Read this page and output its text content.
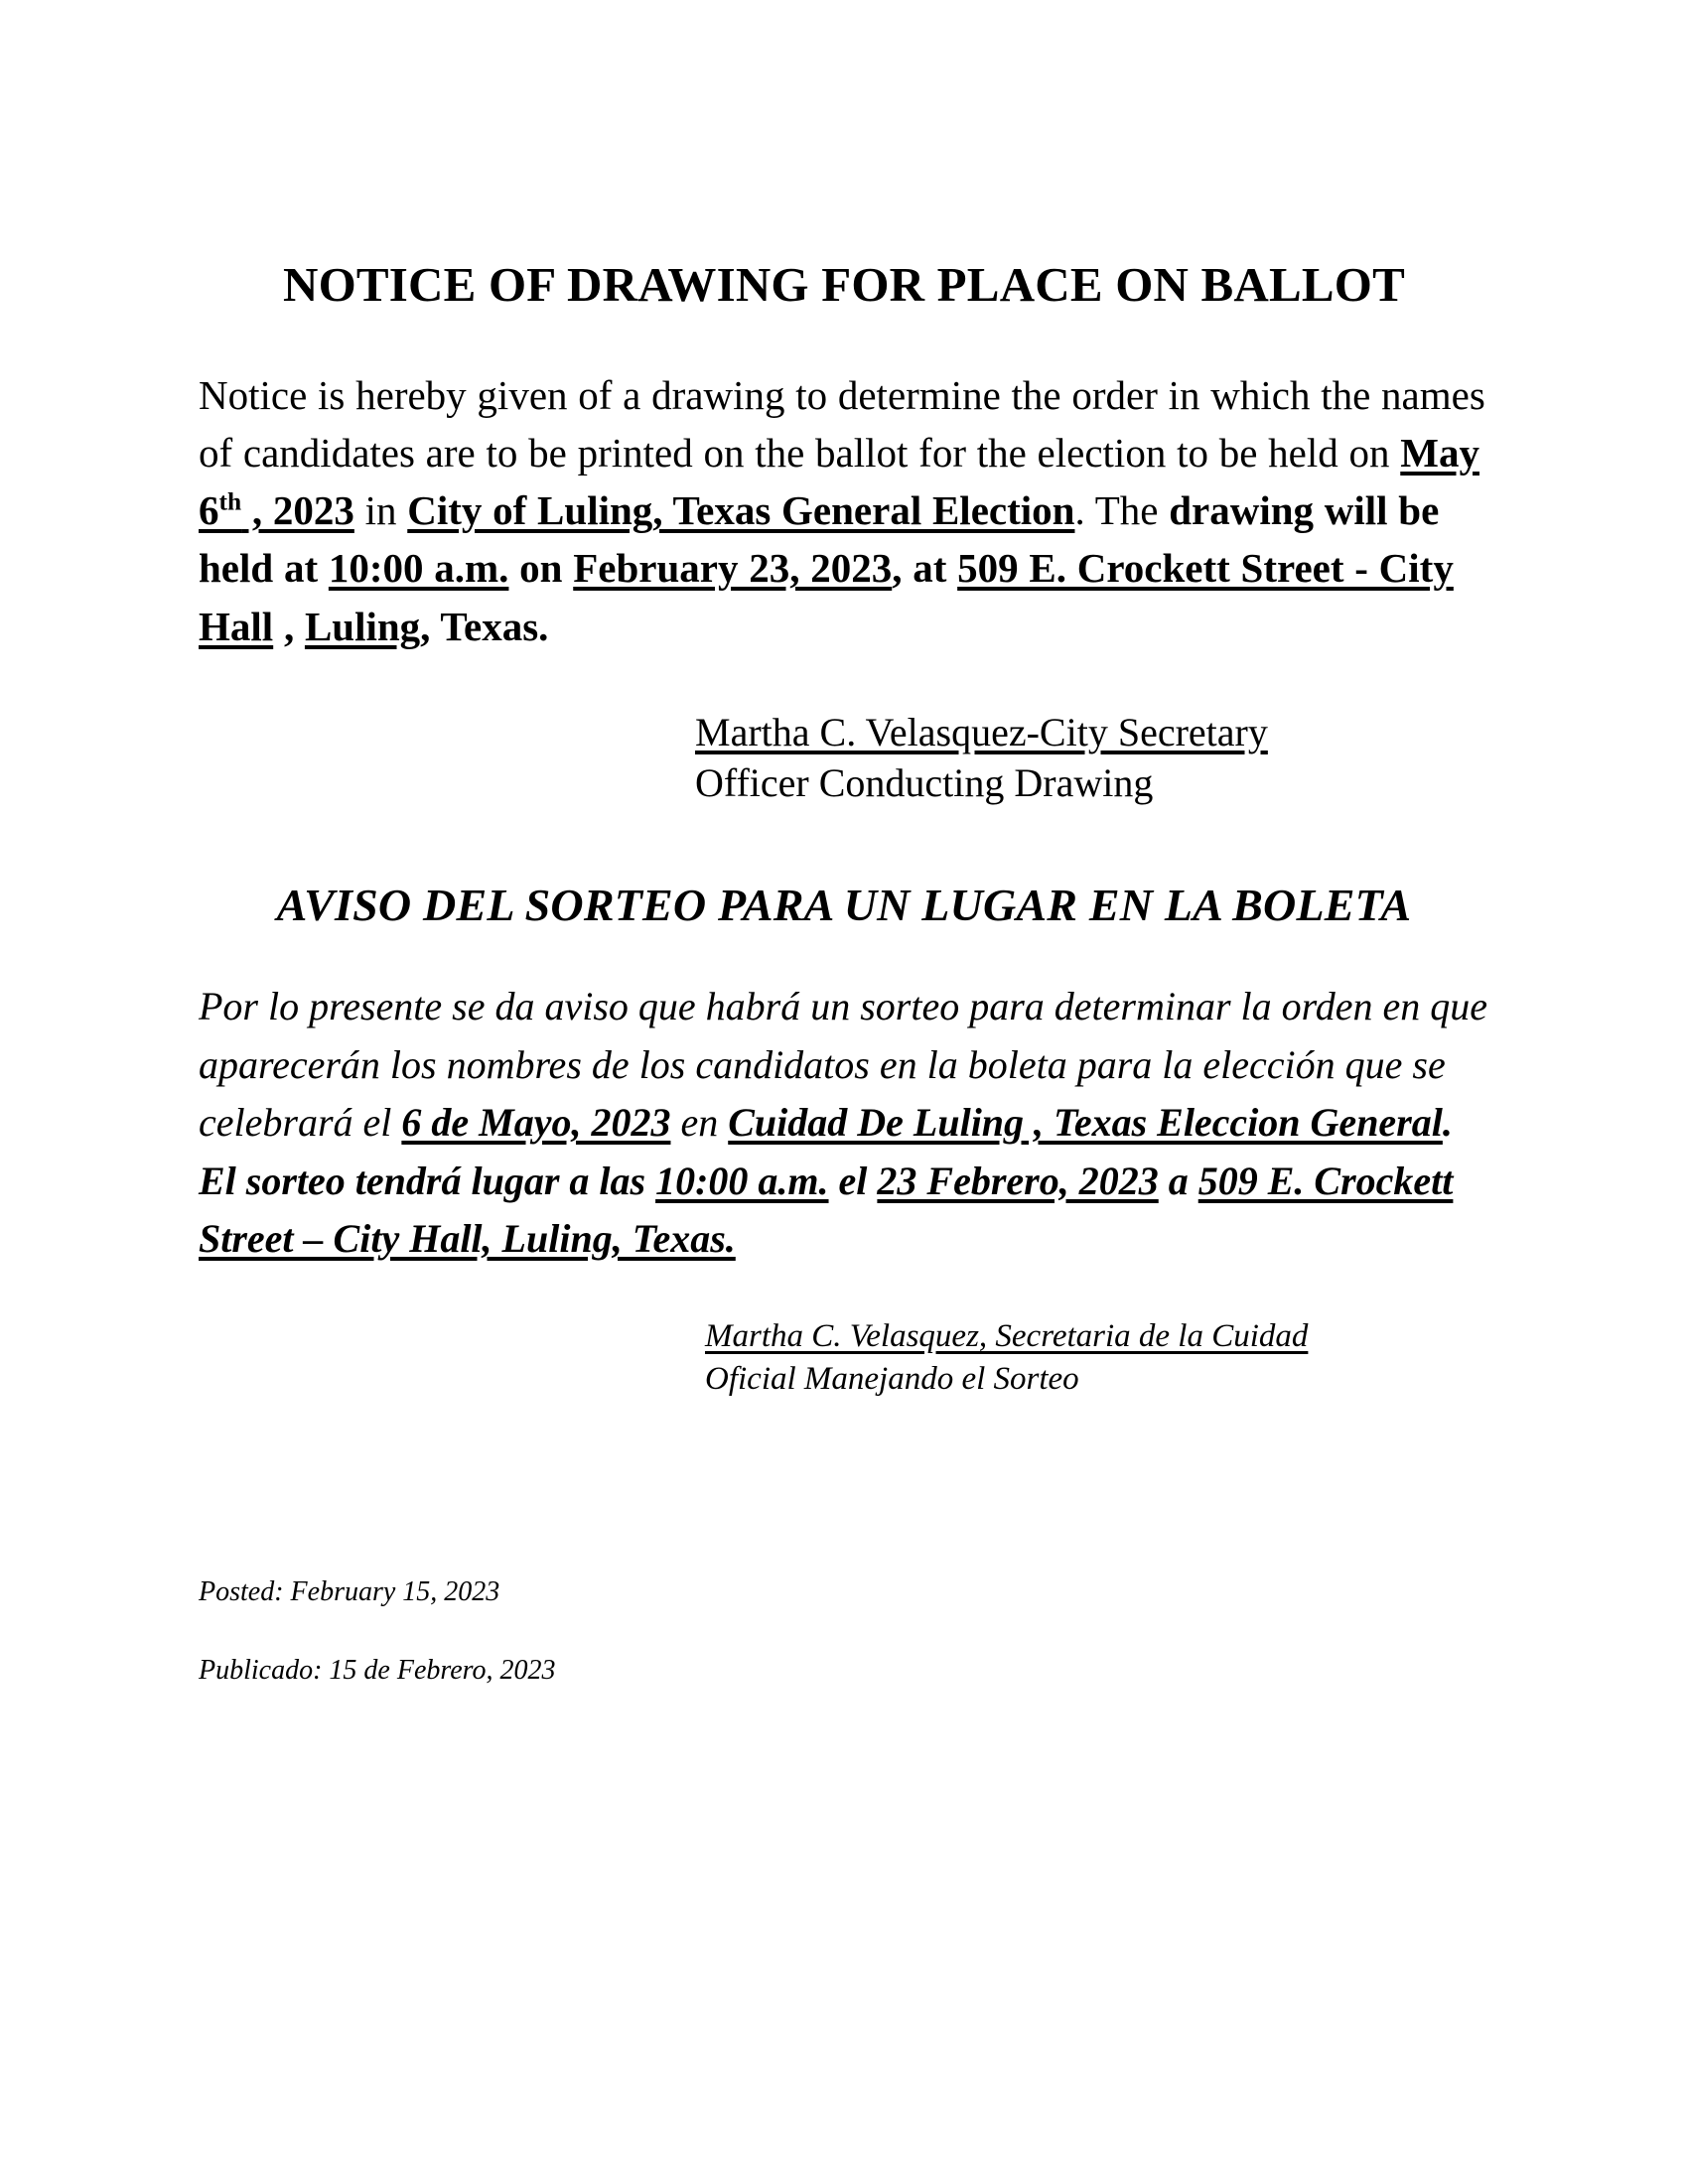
NOTICE OF DRAWING FOR PLACE ON BALLOT

Notice is hereby given of a drawing to determine the order in which the names of candidates are to be printed on the ballot for the election to be held on May 6th , 2023 in City of Luling, Texas General Election. The drawing will be held at 10:00 a.m. on February 23, 2023, at 509 E. Crockett Street - City Hall , Luling, Texas.

Martha C. Velasquez-City Secretary
Officer Conducting Drawing
AVISO DEL SORTEO PARA UN LUGAR EN LA BOLETA

Por lo presente se da aviso que habrá un sorteo para determinar la orden en que aparecerán los nombres de los candidatos en la boleta para la elección que se celebrará el 6 de Mayo, 2023 en Cuidad De Luling , Texas Eleccion General. El sorteo tendrá lugar a las 10:00 a.m. el 23 Febrero, 2023 a 509 E. Crockett Street – City Hall, Luling, Texas.

Martha C. Velasquez, Secretaria de la Cuidad
Oficial Manejando el Sorteo

Posted: February 15, 2023

Publicado: 15 de Febrero, 2023
